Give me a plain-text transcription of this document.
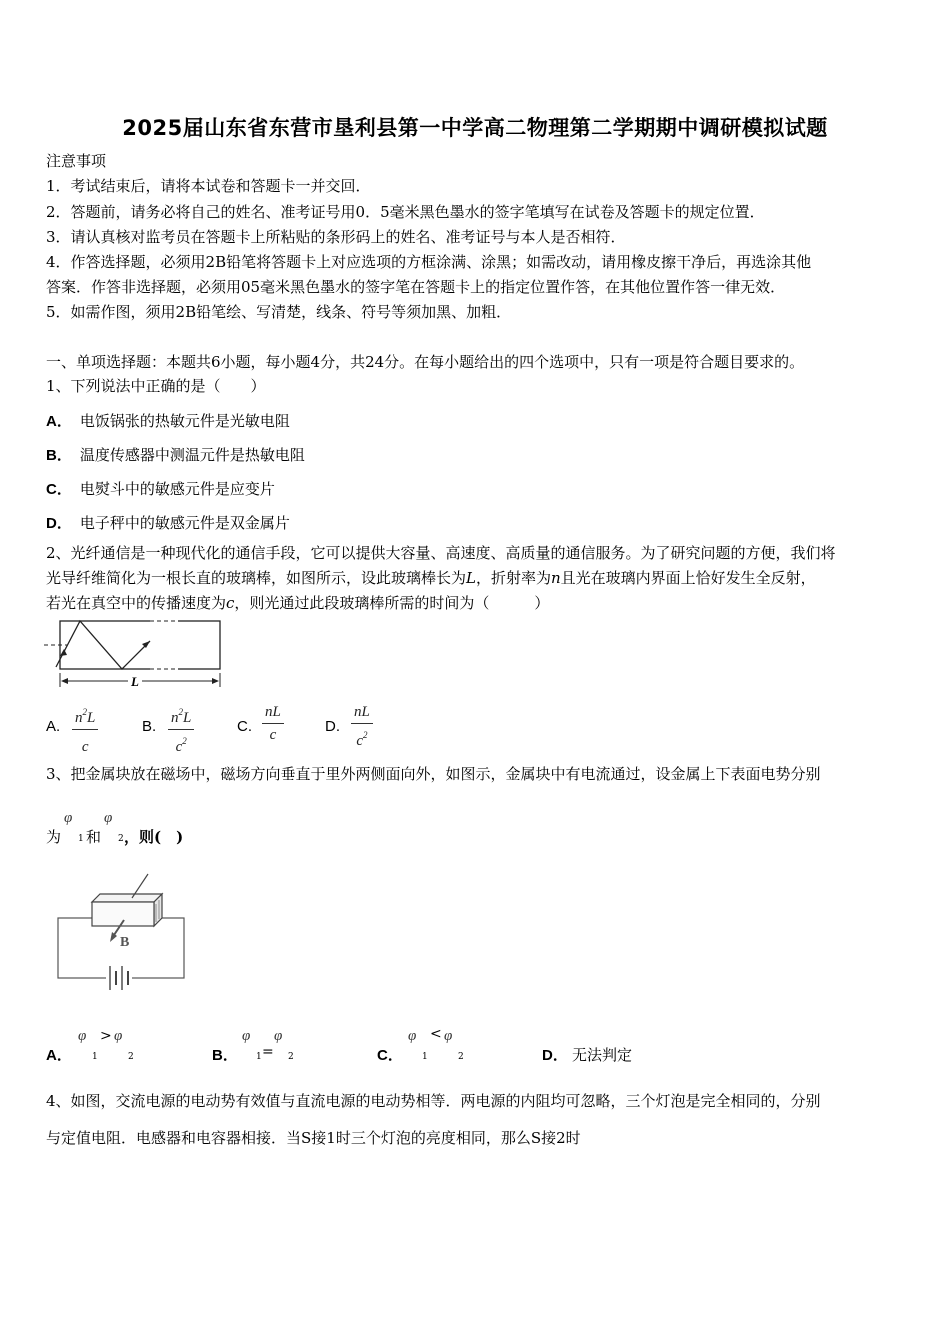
2025届山东省东营市垦利县第一中学高二物理第二学期期中调研模拟试题
注意事项
1．考试结束后，请将本试卷和答题卡一并交回．
2．答题前，请务必将自己的姓名、准考证号用0．5毫米黑色墨水的签字笔填写在试卷及答题卡的规定位置．
3．请认真核对监考员在答题卡上所粘贴的条形码上的姓名、准考证号与本人是否相符．
4．作答选择题，必须用2B铅笔将答题卡上对应选项的方框涂满、涂黑；如需改动，请用橡皮擦干净后，再选涂其他
答案．作答非选择题，必须用05毫米黑色墨水的签字笔在答题卡上的指定位置作答，在其他位置作答一律无效．
5．如需作图，须用2B铅笔绘、写清楚，线条、符号等须加黑、加粗．
一、单项选择题：本题共6小题，每小题4分，共24分。在每小题给出的四个选项中，只有一项是符合题目要求的。
1、下列说法中正确的是（　　）
A． 电饭锅张的热敏元件是光敏电阻
B． 温度传感器中测温元件是热敏电阻
C． 电熨斗中的敏感元件是应变片
D． 电子秤中的敏感元件是双金属片
2、光纤通信是一种现代化的通信手段，它可以提供大容量、高速度、高质量的通信服务。为了研究问题的方便，我们将
光导纤维简化为一根长直的玻璃棒，如图所示，设此玻璃棒长为L，折射率为n且光在玻璃内界面上恰好发生全反射，
若光在真空中的传播速度为c，则光通过此段玻璃棒所需的时间为（　　　）
L
A. $n^2L$
c
B. $n^2L$
$c^2$
C.
nL
c	D.
nL
$c^2$
3、把金属块放在磁场中，磁场方向垂直于里外两侧面向外，如图示，金属块中有电流通过，设金属上下表面电势分别
为
φ
1 和
φ
2 ，则(　)
B
A．
φ > φ
1	2	B．
φ
=
φ
1	2	C．
φ < φ
1	2	D． 无法判定
4、如图，交流电源的电动势有效值与直流电源的电动势相等．两电源的内阻均可忽略，三个灯泡是完全相同的，分别
与定值电阻．电感器和电容器相接．当S接1时三个灯泡的亮度相同，那么S接2时
